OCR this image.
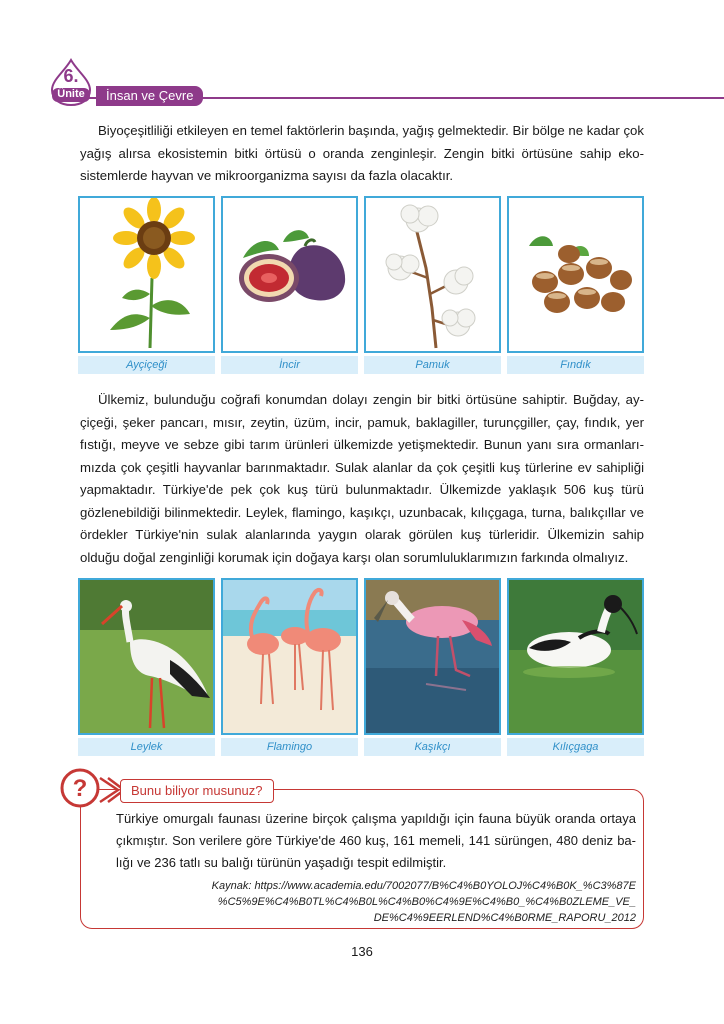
6.
Ünite	İnsan ve Çevre

Biyoçeşitliliği etkileyen en temel faktörlerin başında, yağış gelmektedir. Bir bölge ne kadar çok yağış alırsa ekosistemin bitki örtüsü o oranda zenginleşir. Zengin bitki örtüsüne sahip eko-sistemlerde hayvan ve mikroorganizma sayısı da fazla olacaktır.

Ayçiçeği	İncir	Pamuk	Fındık

Ülkemiz, bulunduğu coğrafi konumdan dolayı zengin bir bitki örtüsüne sahiptir. Buğday, ay-çiçeği, şeker pancarı, mısır, zeytin, üzüm, incir, pamuk, baklagiller, turunçgiller, çay, fındık, yer fıstığı, meyve ve sebze gibi tarım ürünleri ülkemizde yetişmektedir. Bunun yanı sıra ormanları-mızda çok çeşitli hayvanlar barınmaktadır. Sulak alanlar da çok çeşitli kuş türlerine ev sahipliği yapmaktadır. Türkiye'de pek çok kuş türü bulunmaktadır. Ülkemizde yaklaşık 506 kuş türü gözlenebildiği bilinmektedir. Leylek, flamingo, kaşıkçı, uzunbacak, kılıçgaga, turna, balıkçıllar ve ördekler Türkiye'nin sulak alanlarında yaygın olarak görülen kuş türleridir. Ülkemizin sahip olduğu doğal zenginliği korumak için doğaya karşı olan sorumluluklarımızın farkında olmalıyız.

Leylek	Flamingo	Kaşıkçı	Kılıçgaga
?	Bunu biliyor musunuz?

Türkiye omurgalı faunası üzerine birçok çalışma yapıldığı için fauna büyük oranda ortaya çıkmıştır. Son verilere göre Türkiye'de 460 kuş, 161 memeli, 141 sürüngen, 480 deniz ba-lığı ve 236 tatlı su balığı türünün yaşadığı tespit edilmiştir.

Kaynak: https://www.academia.edu/7002077/B%C4%B0YOLOJ%C4%B0K_%C3%87E %C5%9E%C4%B0TL%C4%B0L%C4%B0%C4%9E%C4%B0_%C4%B0ZLEME_VE_ DE%C4%9EERLEND%C4%B0RME_RAPORU_2012

136
